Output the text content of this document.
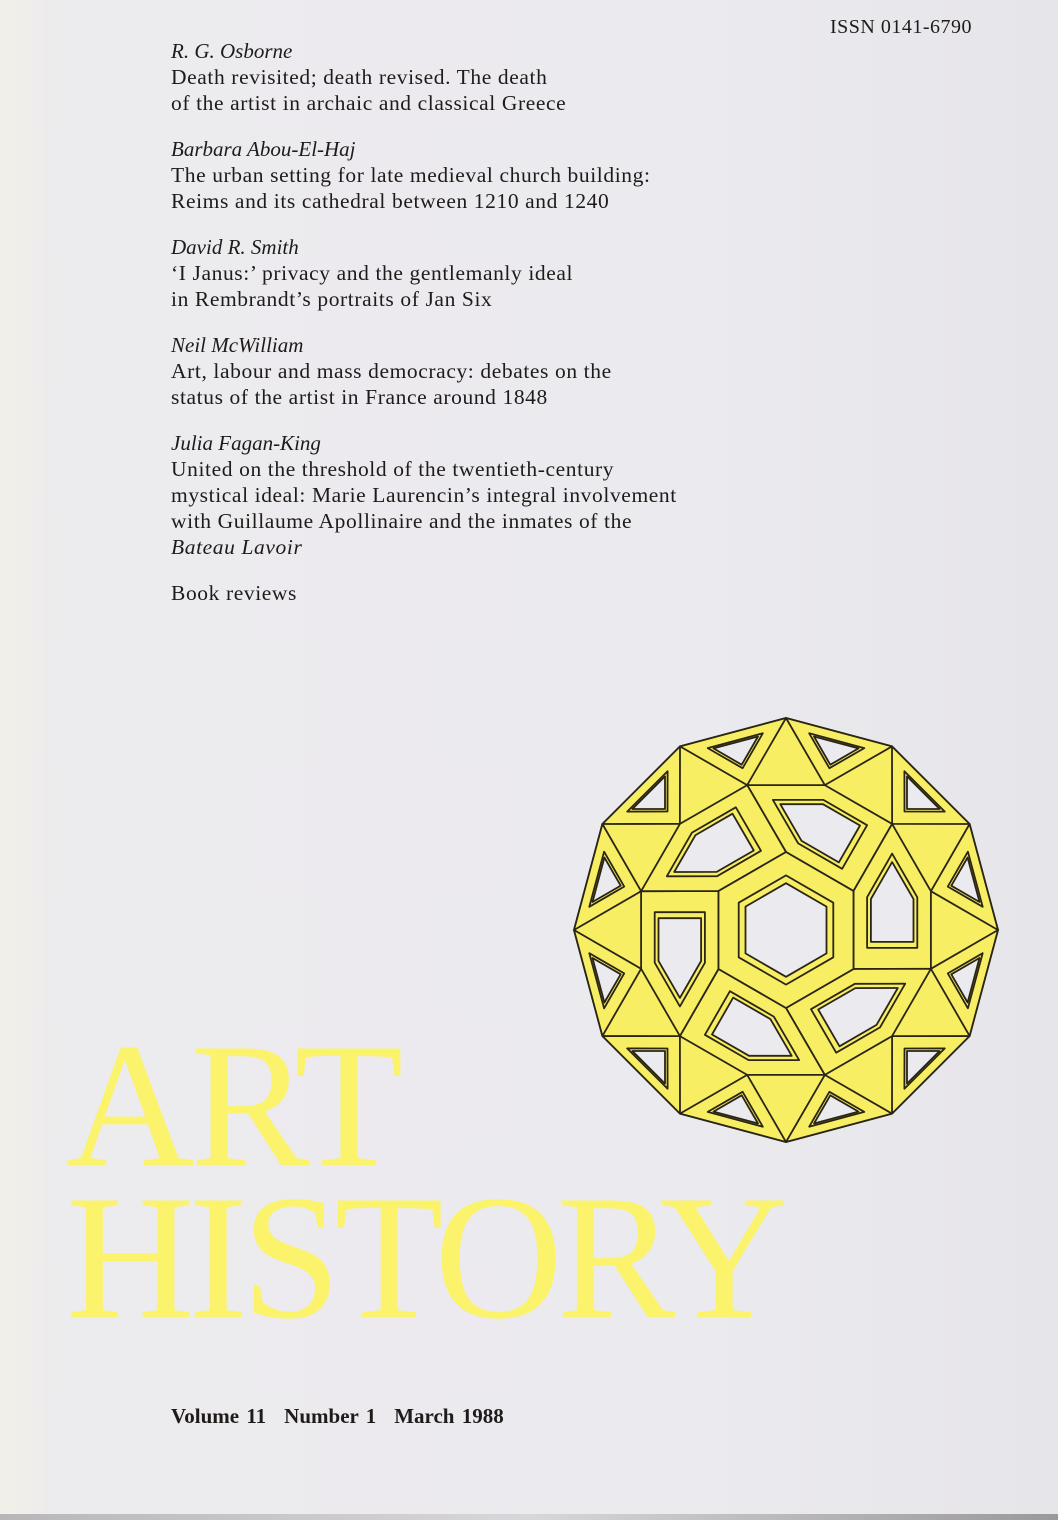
ISSN 0141-6790
R. G. Osborne
Death revisited; death revised. The death
of the artist in archaic and classical Greece
Barbara Abou-El-Haj
The urban setting for late medieval church building:
Reims and its cathedral between 1210 and 1240
David R. Smith
‘I Janus:’ privacy and the gentlemanly ideal
in Rembrandt’s portraits of Jan Six
Neil McWilliam
Art, labour and mass democracy: debates on the
status of the artist in France around 1848
Julia Fagan-King
United on the threshold of the twentieth-century
mystical ideal: Marie Laurencin’s integral involvement
with Guillaume Apollinaire and the inmates of the
Bateau Lavoir
Book reviews
ART
HISTORY
Volume 11 Number 1 March 1988
